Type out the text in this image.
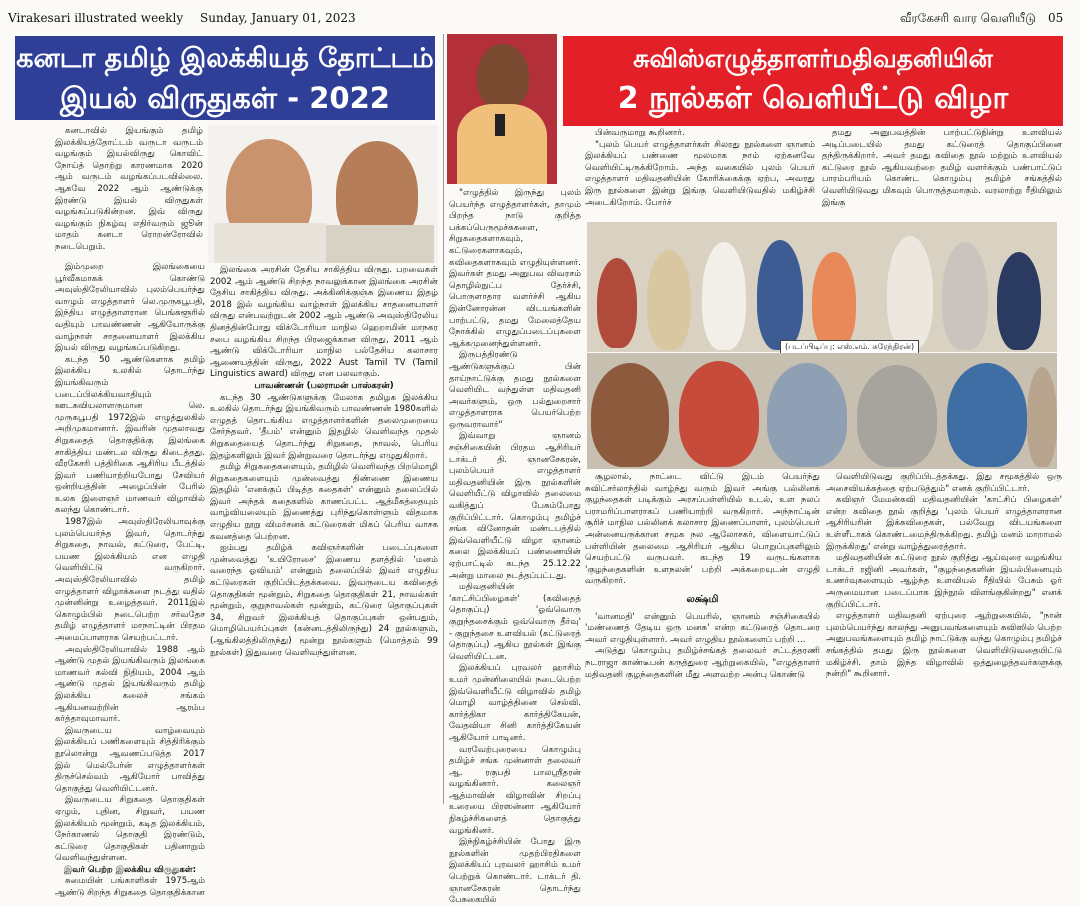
Virakesari illustrated weekly Sunday, January 01, 2023	வீரகேசரி வார வெளியீடு 05
கனடா தமிழ் இலக்கியத் தோட்டம்
இயல் விருதுகள் - 2022

கனடாவில் இயங்கும் தமிழ் இலக்கியத்தோட்டம் வருடா வருடம் வழங்கும் இயல்விருது கொவிட் நோய்த் தொற்று காரணமாக 2020 ஆம் வருடம் வழங்கப்படவில்லை. ஆகவே 2022 ஆம் ஆண்டுக்கு இரண்டு இயல் விருதுகள் வழங்கப்படுகின்றன. இவ் விருது வழங்கும் நிகழ்வு எதிர்வரும் ஜூன் மாதம் கனடா ரொறன்ரோவில் நடைபெறும்.

இம்முறை இலங்கையை பூர்வீகமாகக் கொண்டு அவுஸ்திரேலியாவில் புலம்பெயர்ந்து வாழும் எழுத்தாளர் லெ.முருகபூபதி, இந்திய எழுத்தாளரான பெங்களூரில் வதியும் பாவண்ணன் ஆகியோருக்கு வாழ்நாள் சாதனையாளர் இலக்கிய இயல் விருது வழங்கப்படுகிறது.

கடந்த 50 ஆண்டுகளாக தமிழ் இலக்கிய உலகில் தொடர்ந்து இயங்கிவரும் படைப்பிலக்கியவாதியும் ஊடகவியலாளருமான லெ. முருகபூபதி 1972இல் எழுத்துலகில் அறிமுகமானார். இவரின் முதலாவது சிறுகதைத் தொகுதிக்கு இலங்கை சாகித்திய மண்டல விருது கிடைத்தது. வீரகேசரி பத்திரிகை ஆசிரிய பீடத்தில் இவர் பணியாற்றியபோது சேவியர் ஒன்றியத்தின் அழைப்பின் பேரில் உலக இளைஞர் மாணவர் விழாவில் கலந்து கொண்டார்.

1987இல் அவுஸ்திரேலியாவுக்கு புலம்பெயர்ந்த இவர், தொடர்ந்து சிறுகதை, நாவல், கட்டுரை, பேட்டி, பயண இலக்கியம் என எழுதி வெளியிட்டு வருகிறார். அவுஸ்திரேலியாவில் தமிழ் எழுத்தாளர் விழாக்களை நடத்து வதில் முன்னின்று உழைத்தவர். 2011இல் கொழும்பில் நடைபெற்ற சர்வதேச தமிழ் எழுத்தாளர் மாநாட்டின் பிரதம அமைப்பாளராக செயற்பட்டார்.

அவுஸ்திரேலியாவில் 1988 ஆம் ஆண்டு முதல் இயங்கிவரும் இலங்கை மாணவர் கல்வி நிதியம், 2004 ஆம் ஆண்டு முதல் இயங்கிவரும் தமிழ் இலக்கிய கலைச் சங்கம் ஆகியனவற்றின் ஆரம்ப கர்த்தாவுமாவார்.

இவருடைய வாழ்வையும் இலக்கியப் பணிகளையும் சித்திரிக்கும் நூலொன்று ஆவணப்படுத்த 2017 இல் மெல்பேர்ன் எழுத்தாளர்கள் திருச்செல்வம் ஆகியோர் பாவித்து தொகுத்து வெளியிட்டனர்.

இவருடைய சிறுகதை தொகுதிகள் ஏழும், புதின, சிறுவர், பயண இலக்கியம் மூன்றும், கடித இலக்கியம், நேர்காணல் தொகுதி இரண்டும், கட்டுரை தொகுதிகள் பதினாறும் வெளிவந்துள்ளன.

இவர் பெற்ற இலக்கிய விருதுகள்:

சுமையின் பங்காளிகள் 1975ஆம் ஆண்டு சிறந்த சிறுகதை தொகுதிக்கான

இலங்கை அரசின் தேசிய சாகித்திய விருது. பறவைகள் 2002 ஆம் ஆண்டு சிறந்த நாவலுக்கான இலங்கை அரசின் தேசிய சாகித்திய விருது. அக்கினிக்குஞ்சு இணைய இதழ் 2018 இல் வழங்கிய வாழ்நாள் இலக்கிய சாதனையாளர் விருது என்பவற்றுடன் 2002 ஆம் ஆண்டு அவுஸ்திரேலிய தினத்தின்போது விக்டோரியா மாநில ஹெறாமின் மாநகர சபை வழங்கிய சிறந்த பிரஜைக்கான விருது, 2011 ஆம் ஆண்டு விக்டோரியா மாநில பல்தேசிய கலாசார ஆணையத்தின் விருது, 2022 Aust Tamil TV (Tamil Linguistics award) விருது என பலவாகும்.

பாவண்ணன் (பலராமன் பாஸ்கரன்)

கடந்த 30 ஆண்டுகளுக்கு மேலாக தமிழக இலக்கிய உலகில் தொடர்ந்து இயங்கிவரும் பாவண்ணன் 1980களில் எழுதத் தொடங்கிய எழுத்தாளர்களின் தலைமுறையை சேர்ந்தவர். 'தீபம்' என்னும் இதழில் வெளிவந்த முதல் சிறுகதையைத் தொடர்ந்து சிறுகதை, நாவல், பெரிய இதழ்களிலும் இவர் இன்றுவரை தொடர்ந்து எழுதுகிறார்.

தமிழ் சிறுகதைகளையும், தமிழில் வெளிவந்த பிறமொழி சிறுகதைகளையும் முன்வைத்து திண்ணை இணைய இதழில் 'எனக்குப் பிடித்த கதைகள்' என்னும் தலைப்பில் இவர் அந்தக் கதைகளில் காணப்பட்ட ஆத்மீகத்தையும் வாழ்வியலையும் இணைத்து புரிந்துகொள்ளும் விதமாக எழுதிய நூறு விமர்சனக் கட்டுரைகள் மிகப் பெரிய வாசக கவனத்தை பெற்றன.

ஐம்பது தமிழ்க் கவிஞர்களின் படைப்புகளை முன்வைத்து 'உயிரோசை' இணைய தளத்தில் 'மனம் வரைந்த ஓவியம்' என்னும் தலைப்பில் இவர் எழுதிய கட்டுரைகள் குறிப்பிடத்தக்கவை. இவருடைய கவிதைத் தொகுதிகள் மூன்றும், சிறுகதை தொகுதிகள் 21, நாவல்கள் மூன்றும், குறுநாவல்கள் மூன்றும், கட்டுரை தொகுப்புகள் 34, சிறுவர் இலக்கியத் தொகுப்புகள் ஒன்பதும், மொழிபெயர்ப்புகள் (கன்னடத்திலிருந்து) 24 நூல்களும், (ஆங்கிலத்திலிருந்து) மூன்று நூல்களும் (மொத்தம் 99 நூல்கள்) இதுவரை வெளிவந்துள்ளன.

சுவிஸ்எழுத்தாளர்மதிவதனியின்
2 நூல்கள் வெளியீட்டு விழா

"எழுத்தில் இருந்து புலம் பெயர்ந்த எழுத்தாளர்கள், தாமும் பிறந்த நாடு குறித்த பக்கப்பெருமூச்சுகளை, சிறுகதைகளாகவும், கட்டுரைகளாகவும், கவிதைகளாகவும் எழுதியுள்ளனர். இவர்கள் தமது அனுபவ விவரசம் தொழில்நுட்ப தேர்ச்சி, பொருளாதார வளர்ச்சி ஆகிய இன்னோரன்ன விடயங்களின் பாற்பட்டு, தமது மேலைத்தேய நோக்கில் எழுதுப்படைப்புகளை ஆக்கமுனைந்துள்ளனர்.

இருபத்திரண்டு ஆண்டுகளுக்குப் பின் தாய்நாட்டுக்கு தமது நூல்களை வெளியிட வந்துள்ள மதிவதனி அவர்களும், ஒரு பல்துறைசார் எழுத்தாளராக பெயர்பெற்ற ஒருவராவார்"

இவ்வாறு ஞானம் சஞ்சிகையின் பிரதம ஆசிரியர் டாக்டர் தி. ஞானசேகரன், புலம்பெயர் எழுத்தாளர் மதிவதனியின் இரு நூல்களின் வெளியீட்டு விழாவில் தலைமை வகித்துப் பேசும்போது குறிப்பிட்டார். கொழும்பு தமிழ்ச் சங்க வினோதன் மண்டபத்தில் இவ்வெளியீட்டு விழா ஞானம் கலை இலக்கியப் பண்ணையின் ஏற்பாட்டில் கடந்த 25.12.22 அன்று மாலை நடத்தப்பட்டது.

மதிவதனியின் 'காட்சிப்பிழைகள்' (கவிதைத் தொகுப்பு) 'ஓவ்வொரு குறுந்தசைக்கும் ஒவ்வொரு தீர்வு' - குறுந்தசை உளவியல் (கட்டுரைத் தொகுப்பு) ஆகிய நூல்கள் இங்கு வெளியிட்டன.

இலக்கியப் புரவலர் ஹாசிம் உமர் முன்னிலையில் நடைபெற்ற இவ்வெளியீட்டு விழாவில் தமிழ் மொழி வாழ்த்தினை செல்வி. கார்த்திகா கார்த்திகேயன், வேதவியா சினி கார்த்திகேயன் ஆகியோர் பாடினர்.

வரவேற்புரையை கொழும்பு தமிழ்ச் சங்க முன்னாள் தலைவர் ஆ. ரகுபதி பாலஸ்ரீதரன் வழங்கினார். கலைஞர் ஆத்மாவின் விழாவின் சிறப்பு உரையை பிரஸன்னா ஆகியோர் நிகழ்ச்சிகளைத் தொகுத்து வழங்கினர்.

இந்நிகழ்ச்சியின் போது இரு நூல்களின் முதற்பிரதிகளை இலக்கியப் புரவலர் ஹாசிம் உமர் பெற்றுக் கொண்டார். டாக்டர் தி. ஞானசேகரன் தொடர்ந்து பேசுகையில்

பின்வருமாறு கூறினார்.

"புலம் பெயர் எழுத்தாளர்கள் சிலரது நூல்களை ஞானம் இலக்கியப் பண்ணை மூலமாக நாம் ஏற்கனவே வெளியிட்டிருக்கிறோம். அந்த வகையில் புலம் பெயர் எழுத்தாளர் மதிவதனியின் கோரிக்கைக்கு ஏற்ப, அவரது இரு நூல்களை இன்று இங்கு வெளியிடுவதில் மகிழ்ச்சி அடைகிறோம். போர்ச்

தமது அனுபவத்தின் பாற்பட்டுநின்று உளவியல் அடிப்படையில் தமது கட்டுரைத் தொகுப்பினை தந்திருக்கிறார். அவர் தமது கவிதை நூல் மற்றும் உளவியல் கட்டுரை நூல் ஆகியவற்றை தமிழ் வளர்க்கும் பண்பாட்டுப் பாரம்பரியம் கொண்ட கொழும்பு தமிழ்ச் சங்கத்தில் வெளியிடுவது மிகவும் பொருத்தமாகும். வரலாற்று ரீதியிலும் இங்கு

(படப்பிடிப்பு: எஸ்.எம். சுரேந்திரன்)

சூழலால், நாட்டை விட்டு இடம் பெயர்ந்து சுவிட்சர்லாந்தில் வாழ்ந்து வரும் இவர் அங்கு பல்லினக் குழந்தைகள் படிக்கும் அரசப்பள்ளியில் உடல், உள நலப் பராமரிப்பாளராகப் பணியாற்றி வருகிறார். அந்நாட்டின் சூரிச் மாநில பல்லினக் கலாசார இணைப்பாளர், புலம்பெயர் அன்னையருக்கான சமூக நல ஆலோசகர், விளையாட்டுப் பள்ளியின் தலைமை ஆசிரியர் ஆகிய பொறுப்புகளிலும் செயற்பட்டு வருபவர். கடந்த 19 வருடங்களாக 'குழந்தைகளின் உளநலன்' பற்றி அக்கறையுடன் எழுதி வருகிறார்.

லக்ஷ்மி

'வானமதி' என்னும் பெயரில், ஞானம் சஞ்சிகையில் 'மண்ணைத் தேடிய ஒரு மனசு' என்ற கட்டுரைத் தொடரை அவர் எழுதியுள்ளார். அவர் எழுதிய நூல்களைப் பற்றி ...

அடுத்து கொழும்பு தமிழ்ச்சங்கத் தலைவர் சட்டத்தரணி நடராஜா காண்டீபன் கருத்துரை ஆற்றுகையில், "எழுத்தாளர் மதிவதனி குழந்தைகளின் மீது அளவற்ற அன்பு கொண்டு

வெளியிடுவது குறிப்பிடத்தக்கது. இது சமூகத்தில் ஒரு அசைவியக்கத்தை ஏற்படுத்தும்" எனக் குறிப்பிட்டார்.

கவிஞர் மேமன்கவி மதிவதனியின் 'காட்சிப் பிழைகள்' என்ற கவிதை நூல் குறித்து 'புலம் பெயர் எழுத்தாளரான ஆசிரியரின் இக்கவிதைகள், பல்வேறு விடயங்களை உள்ளீடாகக் கொண்டமைந்திருக்கிறது. தமிழ் மனம் மாறாமல் இருக்கிறது' என்று வாழ்த்துரைத்தார்.

மதிவதனியின் கட்டுரை நூல் குறித்து ஆய்வுரை வழங்கிய டாக்டர் ரஜினி அவர்கள், "குழந்தைகளின் இயல்பினையும் உணர்வுகளையும் ஆழ்ந்த உளவியல் ரீதியில் பேசும் ஓர் அருமையான படைப்பாக இந்நூல் விளங்குகின்றது" எனக் குறிப்பிட்டார்.

எழுத்தாளர் மதிவதனி ஏற்புரை ஆற்றுகையில், "நான் புலம்பெயர்ந்து காலந்து அனுபவங்களையும் சுவிஸில் பெற்ற அனுபவங்களையும் தமிழ் நாட்டுக்கு வந்து கொழும்பு தமிழ்ச் சங்கத்தில் தமது இரு நூல்களை வெளியிடுவதையிட்டு மகிழ்ச்சி. தாம் இந்த விழாவில் ஒத்துழைத்தவர்களுக்கு நன்றி" கூறினார்.
